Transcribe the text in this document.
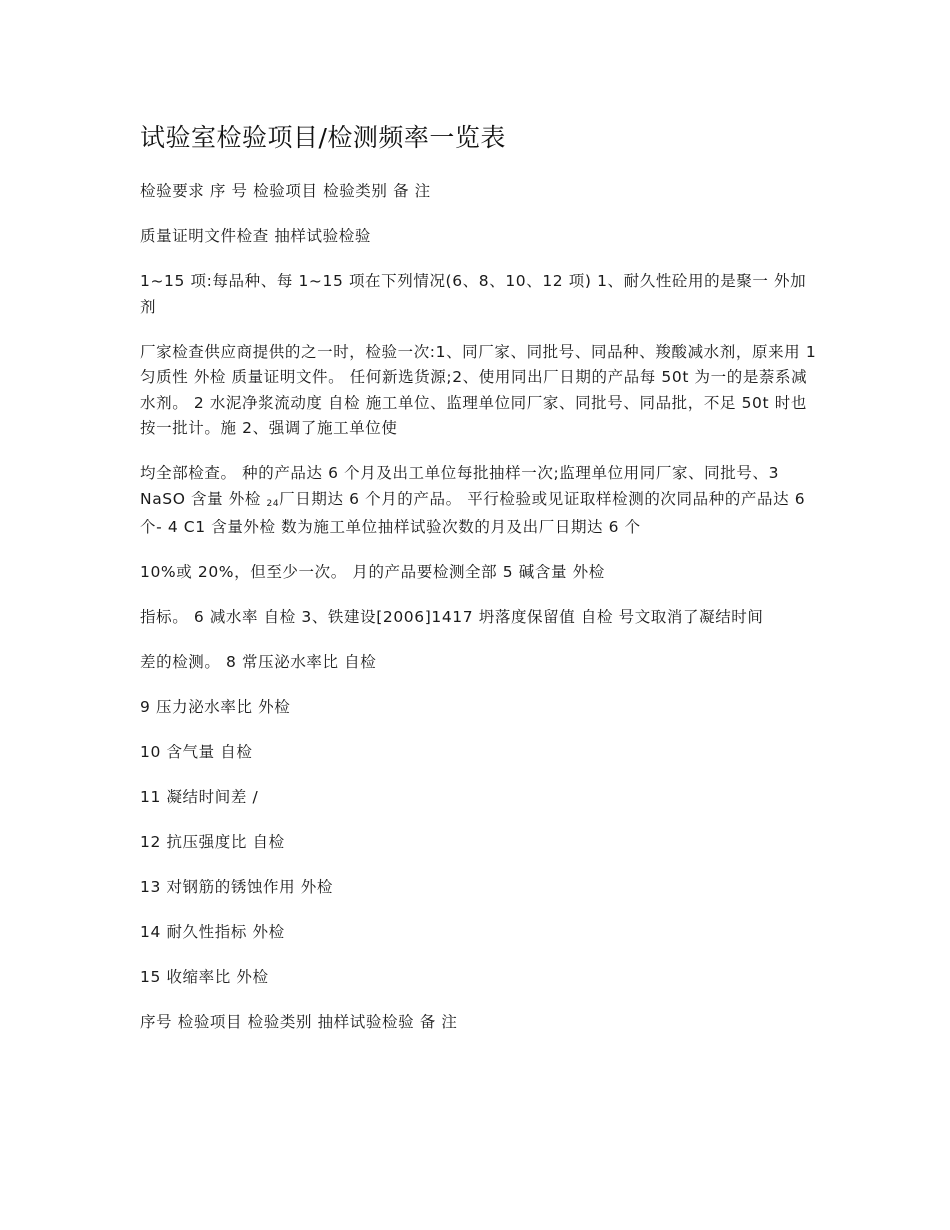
试验室检验项目/检测频率一览表

检验要求 序 号 检验项目 检验类别 备 注

质量证明文件检查 抽样试验检验

1~15 项:每品种、每 1~15 项在下列情况(6、8、10、12 项) 1、耐久性砼用的是聚一 外加剂

厂家检查供应商提供的之一时，检验一次:1、同厂家、同批号、同品种、羧酸减水剂，原来用 1 匀质性 外检 质量证明文件。 任何新选货源;2、使用同出厂日期的产品每 50t 为一的是萘系减水剂。 2 水泥净浆流动度 自检 施工单位、监理单位同厂家、同批号、同品批，不足 50t 时也按一批计。施 2、强调了施工单位使

均全部检查。 种的产品达 6 个月及出工单位每批抽样一次;监理单位用同厂家、同批号、3 NaSO 含量 外检 24厂日期达 6 个月的产品。 平行检验或见证取样检测的次同品种的产品达 6 个- 4 C1 含量外检 数为施工单位抽样试验次数的月及出厂日期达 6 个

10%或 20%，但至少一次。 月的产品要检测全部 5 碱含量 外检

指标。 6 减水率 自检 3、铁建设[2006]1417 坍落度保留值 自检 号文取消了凝结时间

差的检测。 8 常压泌水率比 自检

9 压力泌水率比 外检

10 含气量 自检

11 凝结时间差 /

12 抗压强度比 自检

13 对钢筋的锈蚀作用 外检

14 耐久性指标 外检

15 收缩率比 外检

序号 检验项目 检验类别 抽样试验检验 备 注
